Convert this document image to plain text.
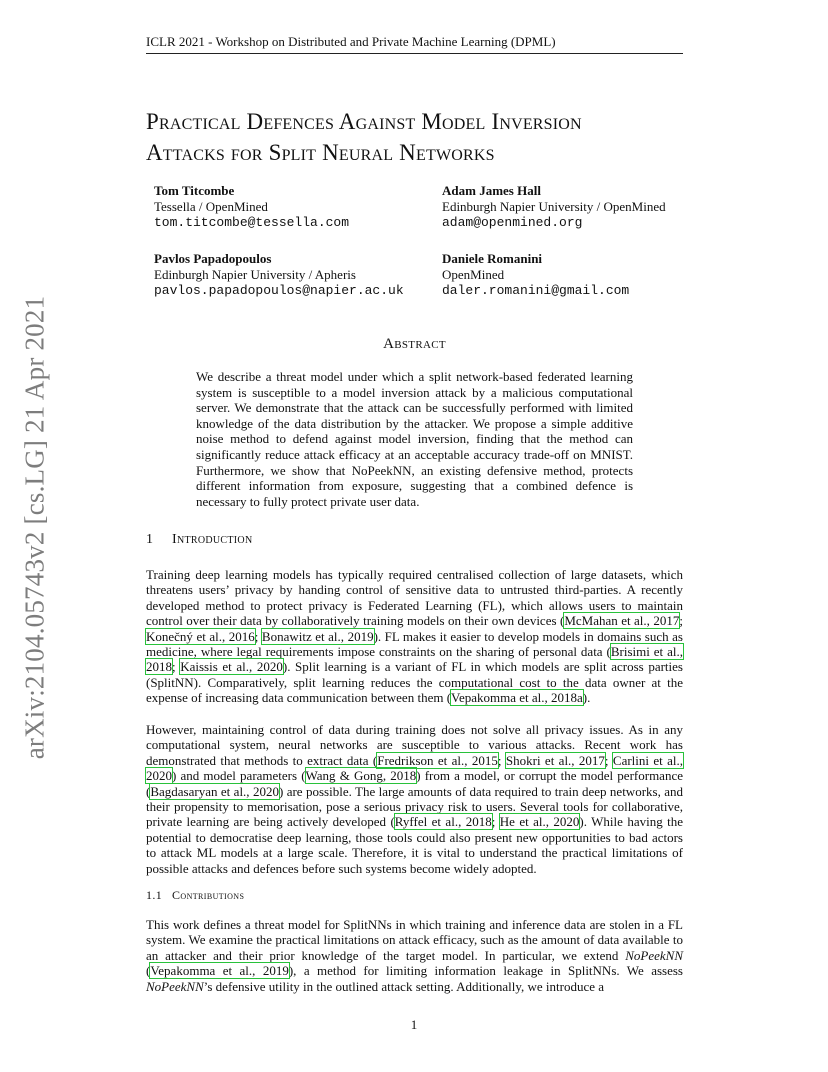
arXiv:2104.05743v2 [cs.LG] 21 Apr 2021
ICLR 2021 - Workshop on Distributed and Private Machine Learning (DPML)
Practical Defences Against Model Inversion
Attacks for Split Neural Networks
Tom Titcombe
Tessella / OpenMined
tom.titcombe@tessella.com
Adam James Hall
Edinburgh Napier University / OpenMined
adam@openmined.org
Pavlos Papadopoulos
Edinburgh Napier University / Apheris
pavlos.papadopoulos@napier.ac.uk
Daniele Romanini
OpenMined
daler.romanini@gmail.com
Abstract

We describe a threat model under which a split network-based federated learning system is susceptible to a model inversion attack by a malicious computational server. We demonstrate that the attack can be successfully performed with limited knowledge of the data distribution by the attacker. We propose a simple additive noise method to defend against model inversion, finding that the method can significantly reduce attack efficacy at an acceptable accuracy trade-off on MNIST. Furthermore, we show that NoPeekNN, an existing defensive method, protects different information from exposure, suggesting that a combined defence is necessary to fully protect private user data.

1 Introduction

Training deep learning models has typically required centralised collection of large datasets, which threatens users’ privacy by handing control of sensitive data to untrusted third-parties. A recently developed method to protect privacy is Federated Learning (FL), which allows users to maintain control over their data by collaboratively training models on their own devices (McMahan et al., 2017; Konečný et al., 2016; Bonawitz et al., 2019). FL makes it easier to develop models in domains such as medicine, where legal requirements impose constraints on the sharing of personal data (Brisimi et al., 2018; Kaissis et al., 2020). Split learning is a variant of FL in which models are split across parties (SplitNN). Comparatively, split learning reduces the computational cost to the data owner at the expense of increasing data communication between them (Vepakomma et al., 2018a).

However, maintaining control of data during training does not solve all privacy issues. As in any computational system, neural networks are susceptible to various attacks. Recent work has demonstrated that methods to extract data (Fredrikson et al., 2015; Shokri et al., 2017; Carlini et al., 2020) and model parameters (Wang & Gong, 2018) from a model, or corrupt the model performance (Bagdasaryan et al., 2020) are possible. The large amounts of data required to train deep networks, and their propensity to memorisation, pose a serious privacy risk to users. Several tools for collaborative, private learning are being actively developed (Ryffel et al., 2018; He et al., 2020). While having the potential to democratise deep learning, those tools could also present new opportunities to bad actors to attack ML models at a large scale. Therefore, it is vital to understand the practical limitations of possible attacks and defences before such systems become widely adopted.

1.1 Contributions

This work defines a threat model for SplitNNs in which training and inference data are stolen in a FL system. We examine the practical limitations on attack efficacy, such as the amount of data available to an attacker and their prior knowledge of the target model. In particular, we extend NoPeekNN (Vepakomma et al., 2019), a method for limiting information leakage in SplitNNs. We assess NoPeekNN’s defensive utility in the outlined attack setting. Additionally, we introduce a

1
